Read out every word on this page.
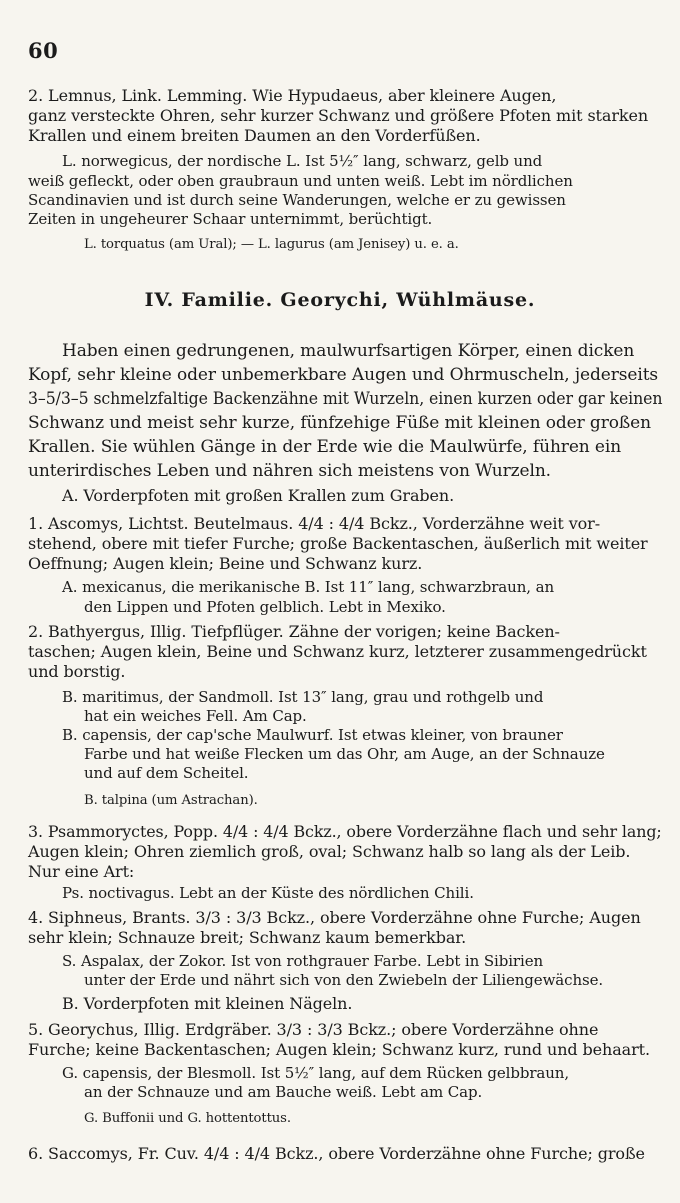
60
2. Lemnus, Link. Lemming. Wie Hypudaeus, aber kleinere Augen,
ganz versteckte Ohren, sehr kurzer Schwanz und größere Pfoten mit starken
Krallen und einem breiten Daumen an den Vorderfüßen.
L. norwegicus, der nordische L. Ist 5½″ lang, schwarz, gelb und
weiß gefleckt, oder oben graubraun und unten weiß. Lebt im nördlichen
Scandinavien und ist durch seine Wanderungen, welche er zu gewissen
Zeiten in ungeheurer Schaar unternimmt, berüchtigt.
L. torquatus (am Ural); — L. lagurus (am Jenisey) u. e. a.
IV. Familie. Georychi, Wühlmäuse.
Haben einen gedrungenen, maulwurfsartigen Körper, einen dicken
Kopf, sehr kleine oder unbemerkbare Augen und Ohrmuscheln, jederseits
3–5/3–5 schmelzfaltige Backenzähne mit Wurzeln, einen kurzen oder gar keinen
Schwanz und meist sehr kurze, fünfzehige Füße mit kleinen oder großen
Krallen. Sie wühlen Gänge in der Erde wie die Maulwürfe, führen ein
unterirdisches Leben und nähren sich meistens von Wurzeln.
A. Vorderpfoten mit großen Krallen zum Graben.
1. Ascomys, Lichtst. Beutelmaus. 4/4 : 4/4 Bckz., Vorderzähne weit vor-
stehend, obere mit tiefer Furche; große Backentaschen, äußerlich mit weiter
Oeffnung; Augen klein; Beine und Schwanz kurz.
A. mexicanus, die merikanische B. Ist 11″ lang, schwarzbraun, an
den Lippen und Pfoten gelblich. Lebt in Mexiko.
2. Bathyergus, Illig. Tiefpflüger. Zähne der vorigen; keine Backen-
taschen; Augen klein, Beine und Schwanz kurz, letzterer zusammengedrückt
und borstig.
B. maritimus, der Sandmoll. Ist 13″ lang, grau und rothgelb und
hat ein weiches Fell. Am Cap.
B. capensis, der cap'sche Maulwurf. Ist etwas kleiner, von brauner
Farbe und hat weiße Flecken um das Ohr, am Auge, an der Schnauze
und auf dem Scheitel.
B. talpina (um Astrachan).
3. Psammoryctes, Popp. 4/4 : 4/4 Bckz., obere Vorderzähne flach und sehr lang;
Augen klein; Ohren ziemlich groß, oval; Schwanz halb so lang als der Leib.
Nur eine Art:
Ps. noctivagus. Lebt an der Küste des nördlichen Chili.
4. Siphneus, Brants. 3/3 : 3/3 Bckz., obere Vorderzähne ohne Furche; Augen
sehr klein; Schnauze breit; Schwanz kaum bemerkbar.
S. Aspalax, der Zokor. Ist von rothgrauer Farbe. Lebt in Sibirien
unter der Erde und nährt sich von den Zwiebeln der Liliengewächse.
B. Vorderpfoten mit kleinen Nägeln.
5. Georychus, Illig. Erdgräber. 3/3 : 3/3 Bckz.; obere Vorderzähne ohne
Furche; keine Backentaschen; Augen klein; Schwanz kurz, rund und behaart.
G. capensis, der Blesmoll. Ist 5½″ lang, auf dem Rücken gelbbraun,
an der Schnauze und am Bauche weiß. Lebt am Cap.
G. Buffonii und G. hottentottus.
6. Saccomys, Fr. Cuv. 4/4 : 4/4 Bckz., obere Vorderzähne ohne Furche; große
